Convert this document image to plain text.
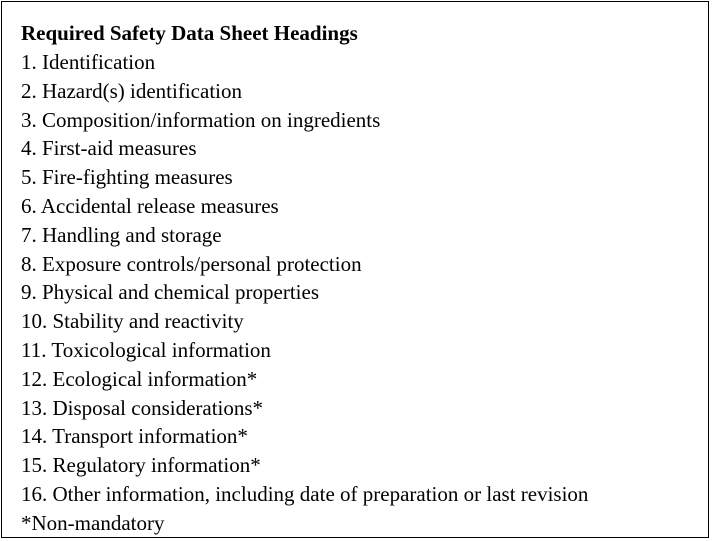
Required Safety Data Sheet Headings
1. Identification
2. Hazard(s) identification
3. Composition/information on ingredients
4. First-aid measures
5. Fire-fighting measures
6. Accidental release measures
7. Handling and storage
8. Exposure controls/personal protection
9. Physical and chemical properties
10. Stability and reactivity
11. Toxicological information
12. Ecological information*
13. Disposal considerations*
14. Transport information*
15. Regulatory information*
16. Other information, including date of preparation or last revision
*Non-mandatory
